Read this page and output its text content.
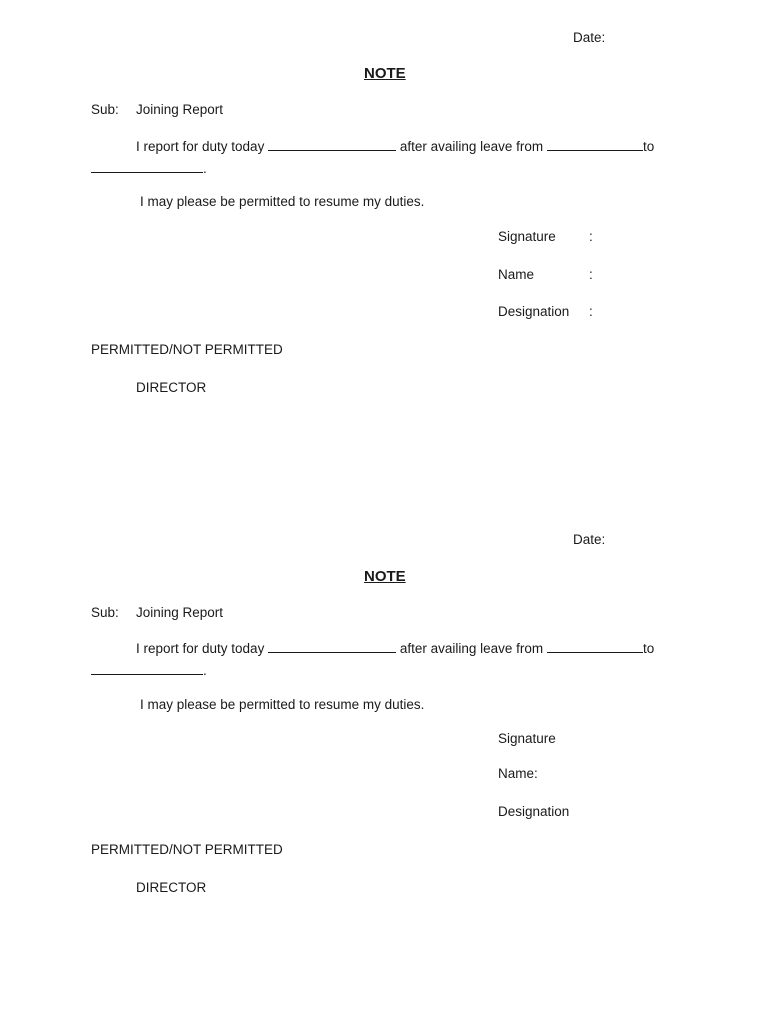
Date:
NOTE
Sub: Joining Report
I report for duty today	after availing leave from	to
.
I may please be permitted to resume my duties.
Signature :
Name	:
Designation :
PERMITTED/NOT PERMITTED
DIRECTOR
Date:
NOTE
Sub: Joining Report
I report for duty today	after availing leave from	to
.
I may please be permitted to resume my duties.
Signature
Name:
Designation
PERMITTED/NOT PERMITTED
DIRECTOR
